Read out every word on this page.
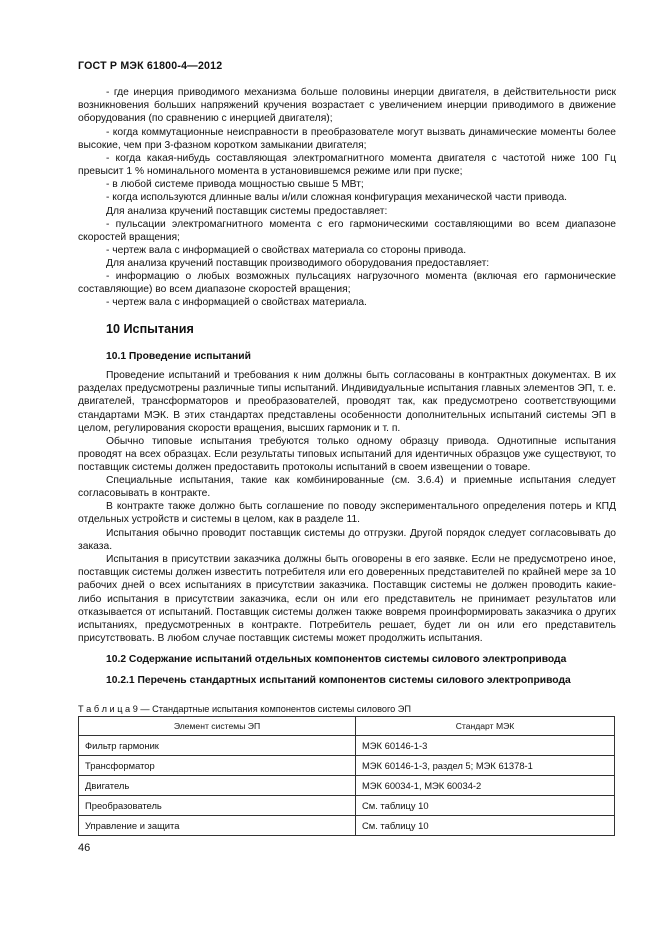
ГОСТ Р МЭК 61800-4—2012
- где инерция приводимого механизма больше половины инерции двигателя, в действительности риск возникновения больших напряжений кручения возрастает с увеличением инерции приводимого в движение оборудования (по сравнению с инерцией двигателя);
- когда коммутационные неисправности в преобразователе могут вызвать динамические моменты более высокие, чем при 3-фазном коротком замыкании двигателя;
- когда какая-нибудь составляющая электромагнитного момента двигателя с частотой ниже 100 Гц превысит 1 % номинального момента в установившемся режиме или при пуске;
- в любой системе привода мощностью свыше 5 МВт;
- когда используются длинные валы и/или сложная конфигурация механической части привода.
Для анализа кручений поставщик системы предоставляет:
- пульсации электромагнитного момента с его гармоническими составляющими во всем диапазоне скоростей вращения;
- чертеж вала с информацией о свойствах материала со стороны привода.
Для анализа кручений поставщик производимого оборудования предоставляет:
- информацию о любых возможных пульсациях нагрузочного момента (включая его гармонические составляющие) во всем диапазоне скоростей вращения;
- чертеж вала с информацией о свойствах материала.
10 Испытания
10.1 Проведение испытаний
Проведение испытаний и требования к ним должны быть согласованы в контрактных документах. В их разделах предусмотрены различные типы испытаний. Индивидуальные испытания главных элементов ЭП, т. е. двигателей, трансформаторов и преобразователей, проводят так, как предусмотрено соответствующими стандартами МЭК. В этих стандартах представлены особенности дополнительных испытаний системы ЭП в целом, регулирования скорости вращения, высших гармоник и т. п.
Обычно типовые испытания требуются только одному образцу привода. Однотипные испытания проводят на всех образцах. Если результаты типовых испытаний для идентичных образцов уже существуют, то поставщик системы должен предоставить протоколы испытаний в своем извещении о товаре.
Специальные испытания, такие как комбинированные (см. 3.6.4) и приемные испытания следует согласовывать в контракте.
В контракте также должно быть соглашение по поводу экспериментального определения потерь и КПД отдельных устройств и системы в целом, как в разделе 11.
Испытания обычно проводит поставщик системы до отгрузки. Другой порядок следует согласовывать до заказа.
Испытания в присутствии заказчика должны быть оговорены в его заявке. Если не предусмотрено иное, поставщик системы должен известить потребителя или его доверенных представителей по крайней мере за 10 рабочих дней о всех испытаниях в присутствии заказчика. Поставщик системы не должен проводить какие-либо испытания в присутствии заказчика, если он или его представитель не принимает результатов или отказывается от испытаний. Поставщик системы должен также вовремя проинформировать заказчика о других испытаниях, предусмотренных в контракте. Потребитель решает, будет ли он или его представитель присутствовать. В любом случае поставщик системы может продолжить испытания.
10.2 Содержание испытаний отдельных компонентов системы силового электропривода
10.2.1 Перечень стандартных испытаний компонентов системы силового электропривода
Т а б л и ц а 9 — Стандартные испытания компонентов системы силового ЭП
Элемент системы ЭП	Стандарт МЭК
Фильтр гармоник	МЭК 60146-1-3
Трансформатор	МЭК 60146-1-3, раздел 5; МЭК 61378-1
Двигатель	МЭК 60034-1, МЭК 60034-2
Преобразователь	См. таблицу 10
Управление и защита	См. таблицу 10
46
